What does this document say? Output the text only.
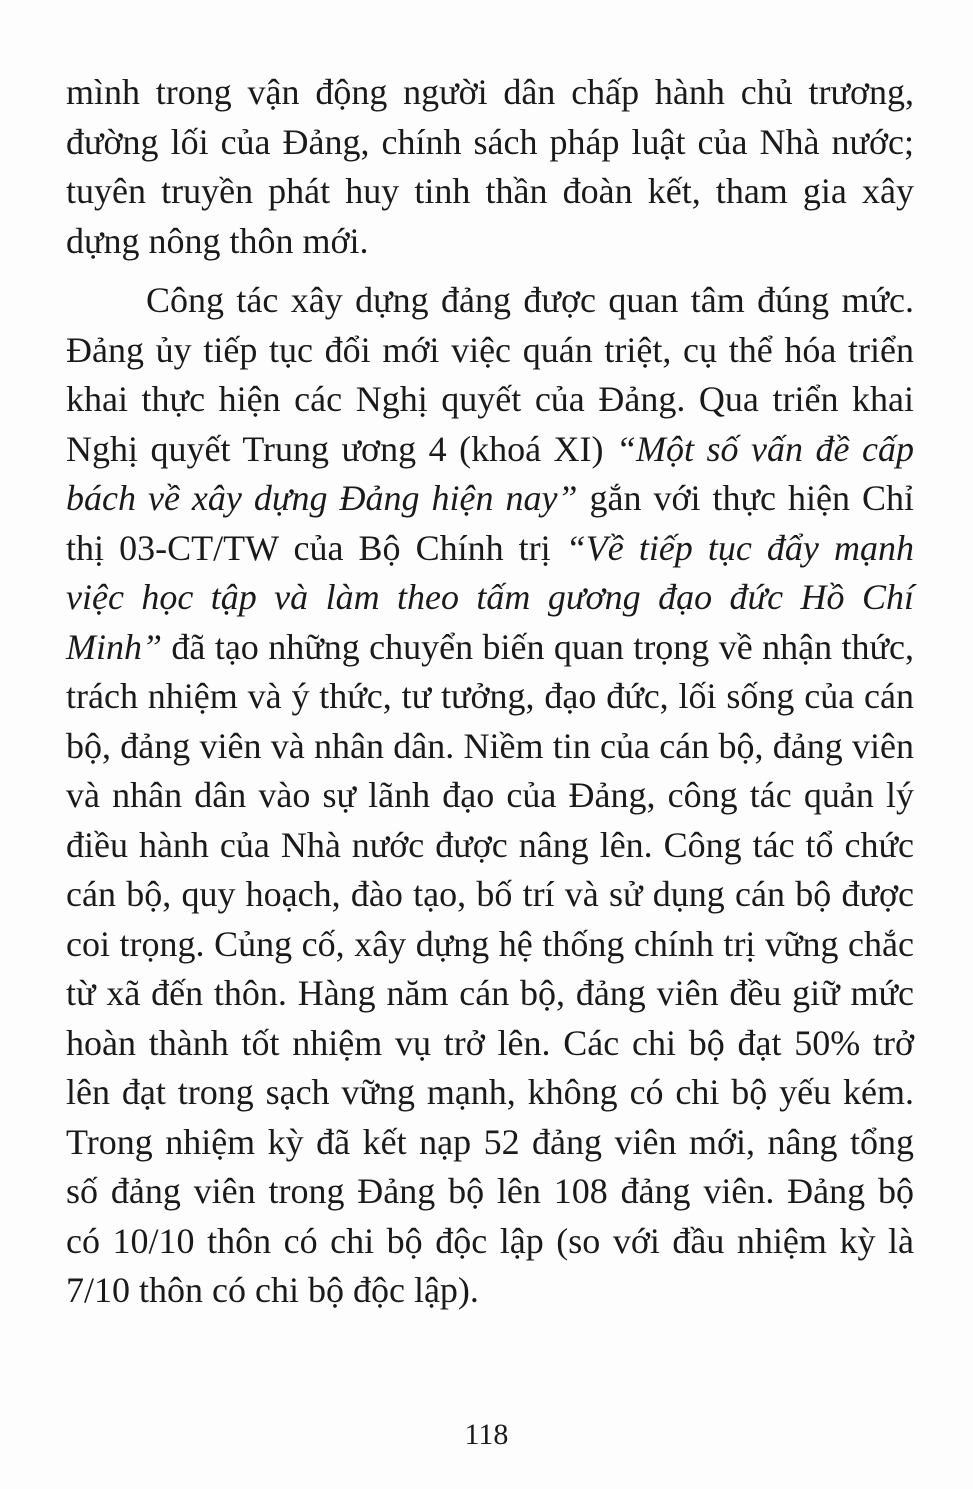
mình trong vận động người dân chấp hành chủ trương, đường lối của Đảng, chính sách pháp luật của Nhà nước; tuyên truyền phát huy tinh thần đoàn kết, tham gia xây dựng nông thôn mới.

Công tác xây dựng đảng được quan tâm đúng mức. Đảng ủy tiếp tục đổi mới việc quán triệt, cụ thể hóa triển khai thực hiện các Nghị quyết của Đảng. Qua triển khai Nghị quyết Trung ương 4 (khoá XI) “Một số vấn đề cấp bách về xây dựng Đảng hiện nay” gắn với thực hiện Chỉ thị 03-CT/TW của Bộ Chính trị “Về tiếp tục đẩy mạnh việc học tập và làm theo tấm gương đạo đức Hồ Chí Minh” đã tạo những chuyển biến quan trọng về nhận thức, trách nhiệm và ý thức, tư tưởng, đạo đức, lối sống của cán bộ, đảng viên và nhân dân. Niềm tin của cán bộ, đảng viên và nhân dân vào sự lãnh đạo của Đảng, công tác quản lý điều hành của Nhà nước được nâng lên. Công tác tổ chức cán bộ, quy hoạch, đào tạo, bố trí và sử dụng cán bộ được coi trọng. Củng cố, xây dựng hệ thống chính trị vững chắc từ xã đến thôn. Hàng năm cán bộ, đảng viên đều giữ mức hoàn thành tốt nhiệm vụ trở lên. Các chi bộ đạt 50% trở lên đạt trong sạch vững mạnh, không có chi bộ yếu kém. Trong nhiệm kỳ đã kết nạp 52 đảng viên mới, nâng tổng số đảng viên trong Đảng bộ lên 108 đảng viên. Đảng bộ có 10/10 thôn có chi bộ độc lập (so với đầu nhiệm kỳ là 7/10 thôn có chi bộ độc lập).

118
